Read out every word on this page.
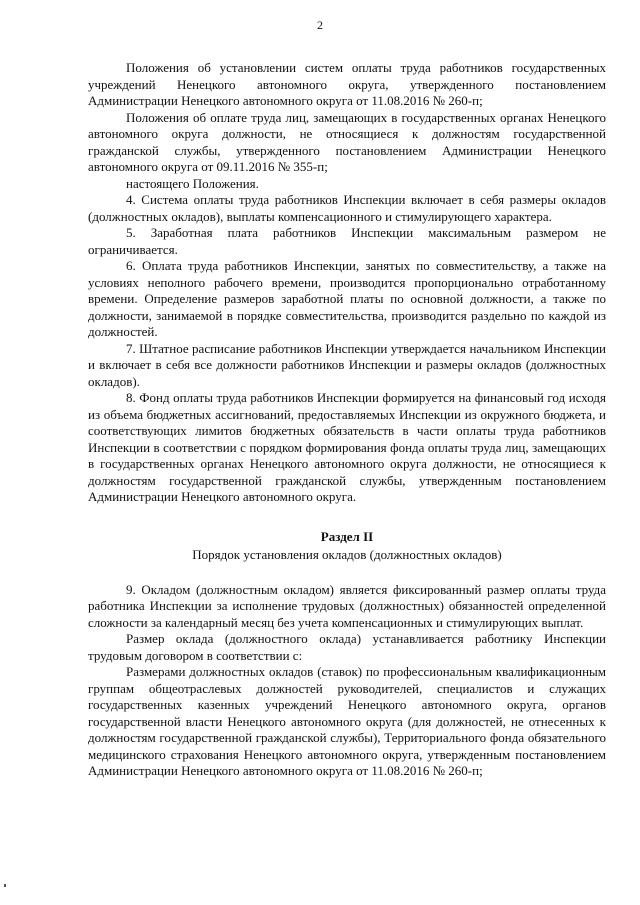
2

Положения об установлении систем оплаты труда работников государственных учреждений Ненецкого автономного округа, утвержденного постановлением Администрации Ненецкого автономного округа от 11.08.2016 № 260-п;

Положения об оплате труда лиц, замещающих в государственных органах Ненецкого автономного округа должности, не относящиеся к должностям государственной гражданской службы, утвержденного постановлением Администрации Ненецкого автономного округа от 09.11.2016 № 355-п;

настоящего Положения.

4. Система оплаты труда работников Инспекции включает в себя размеры окладов (должностных окладов), выплаты компенсационного и стимулирующего характера.

5. Заработная плата работников Инспекции максимальным размером не ограничивается.

6. Оплата труда работников Инспекции, занятых по совместительству, а также на условиях неполного рабочего времени, производится пропорционально отработанному времени. Определение размеров заработной платы по основной должности, а также по должности, занимаемой в порядке совместительства, производится раздельно по каждой из должностей.

7. Штатное расписание работников Инспекции утверждается начальником Инспекции и включает в себя все должности работников Инспекции и размеры окладов (должностных окладов).

8. Фонд оплаты труда работников Инспекции формируется на финансовый год исходя из объема бюджетных ассигнований, предоставляемых Инспекции из окружного бюджета, и соответствующих лимитов бюджетных обязательств в части оплаты труда работников Инспекции в соответствии с порядком формирования фонда оплаты труда лиц, замещающих в государственных органах Ненецкого автономного округа должности, не относящиеся к должностям государственной гражданской службы, утвержденным постановлением Администрации Ненецкого автономного округа.

Раздел II
Порядок установления окладов (должностных окладов)

9. Окладом (должностным окладом) является фиксированный размер оплаты труда работника Инспекции за исполнение трудовых (должностных) обязанностей определенной сложности за календарный месяц без учета компенсационных и стимулирующих выплат.

Размер оклада (должностного оклада) устанавливается работнику Инспекции трудовым договором в соответствии с:

Размерами должностных окладов (ставок) по профессиональным квалификационным группам общеотраслевых должностей руководителей, специалистов и служащих государственных казенных учреждений Ненецкого автономного округа, органов государственной власти Ненецкого автономного округа (для должностей, не отнесенных к должностям государственной гражданской службы), Территориального фонда обязательного медицинского страхования Ненецкого автономного округа, утвержденным постановлением Администрации Ненецкого автономного округа от 11.08.2016 № 260-п;
